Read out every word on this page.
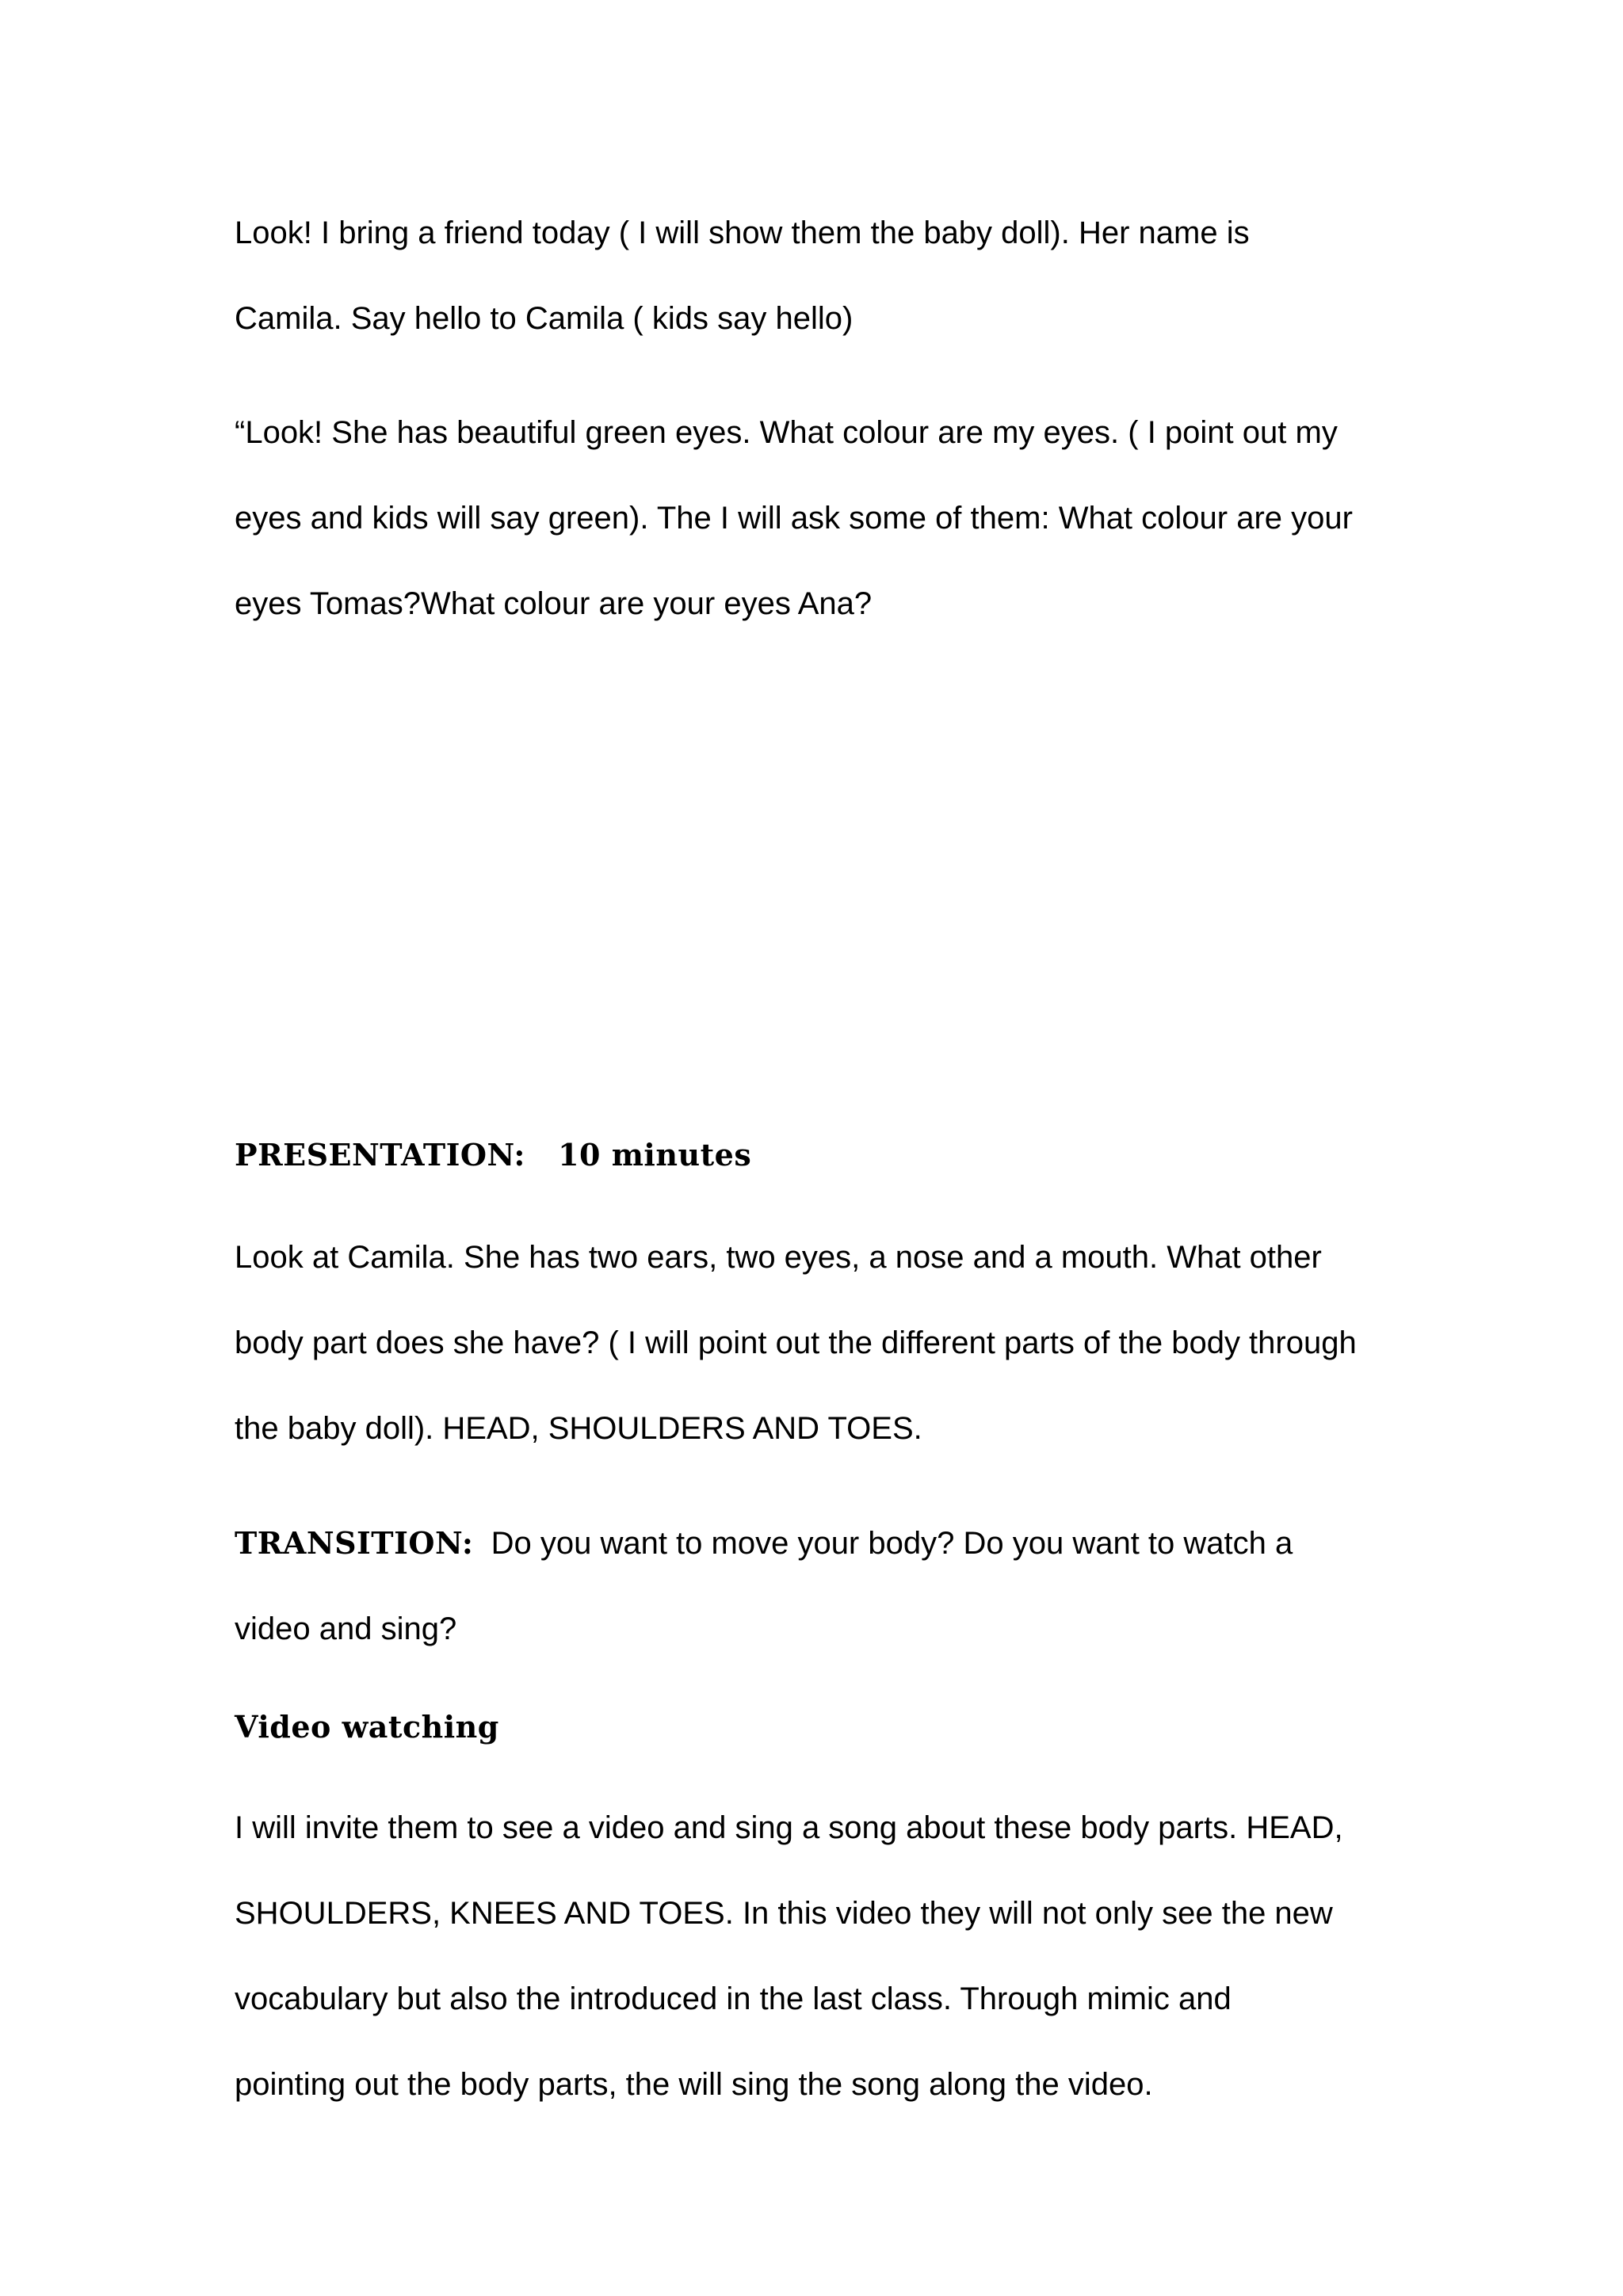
Look! I bring a friend today ( I will show them the baby doll). Her name is
Camila. Say hello to Camila ( kids say hello)

“Look! She has beautiful green eyes. What colour are my eyes. ( I point out my
eyes and kids will say green). The I will ask some of them: What colour are your
eyes Tomas?What colour are your eyes Ana?

PRESENTATION:   10 minutes

Look at Camila. She has two ears, two eyes, a nose and a mouth. What other
body part does she have? ( I will point out the different parts of the body through
the baby doll). HEAD, SHOULDERS AND TOES.

TRANSITION:  Do you want to move your body? Do you want to watch a
video and sing?

Video watching

I will invite them to see a video and sing a song about these body parts. HEAD,
SHOULDERS, KNEES AND TOES. In this video they will not only see the new
vocabulary but also the introduced in the last class. Through mimic and
pointing out the body parts, the will sing the song along the video.
